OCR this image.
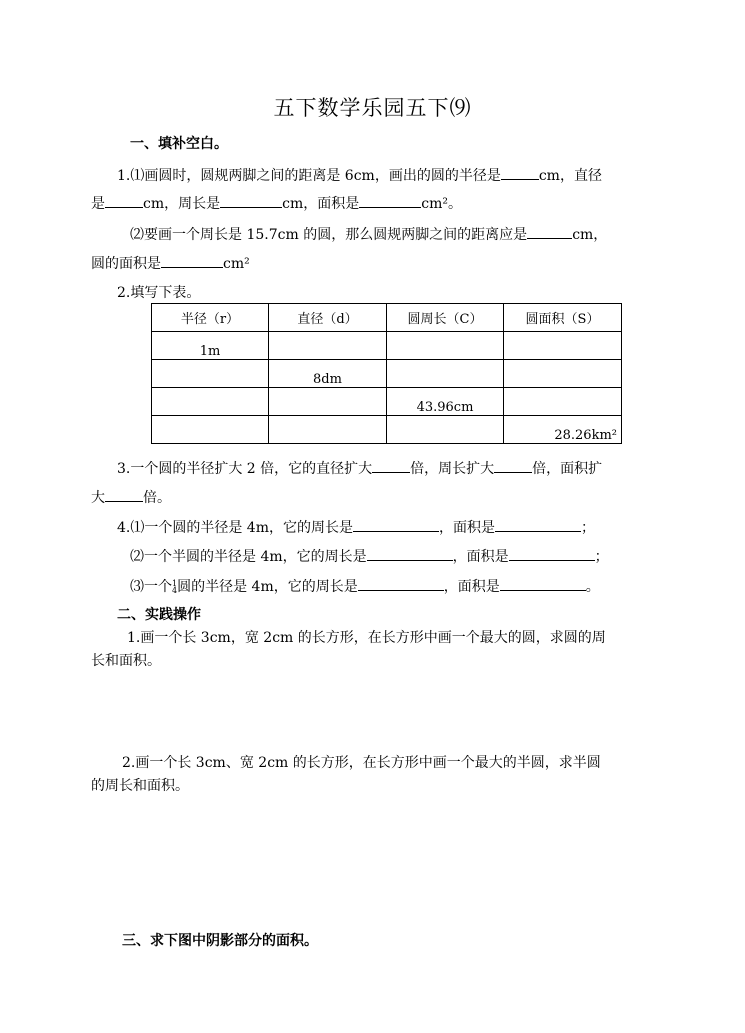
五下数学乐园五下⑼
一、填补空白。
1.⑴画圆时，圆规两脚之间的距离是 6cm，画出的圆的半径是	cm，直径
是	cm，周长是	cm，面积是	cm²。
⑵要画一个周长是 15.7cm 的圆，那么圆规两脚之间的距离应是	cm，
圆的面积是	cm²
2.填写下表。
半径（r）	直径（d）	圆周长（C）	圆面积（S）
1m			
	8dm		
		43.96cm	
			28.26km²
3.一个圆的半径扩大 2 倍，它的直径扩大	倍，周长扩大	倍，面积扩
大	倍。
4.⑴一个圆的半径是 4m，它的周长是	，面积是	；
⑵一个半圆的半径是 4m，它的周长是	，面积是	；
⑶一个1
4圆的半径是 4m，它的周长是	，面积是	。
二、实践操作
1.画一个长 3cm，宽 2cm 的长方形，在长方形中画一个最大的圆，求圆的周
长和面积。
2.画一个长 3cm、宽 2cm 的长方形，在长方形中画一个最大的半圆，求半圆
的周长和面积。
三、求下图中阴影部分的面积。
